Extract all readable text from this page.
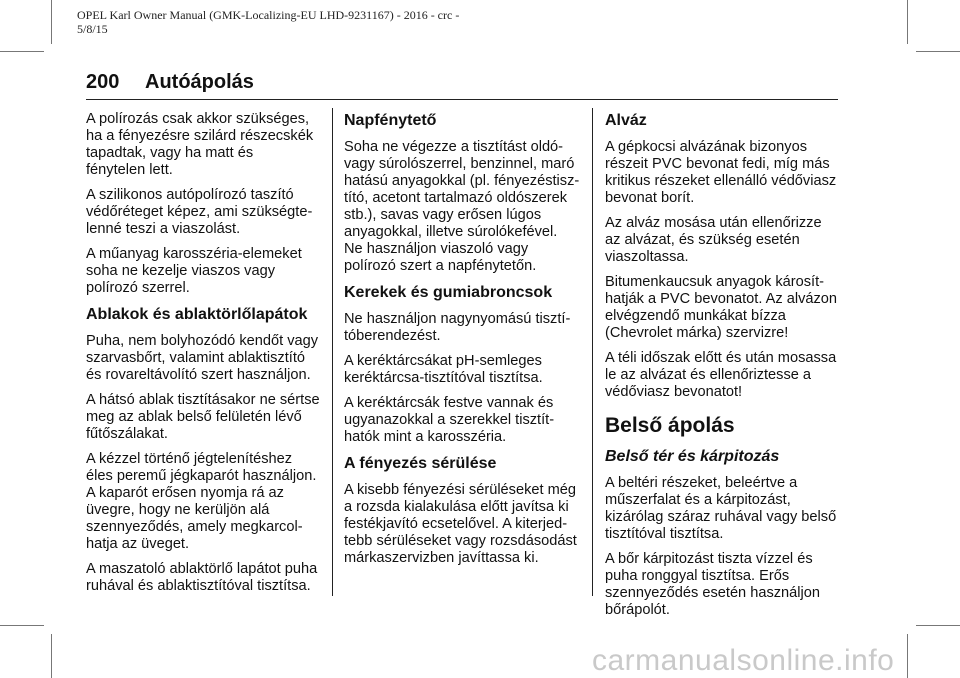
OPEL Karl Owner Manual (GMK-Localizing-EU LHD-9231167) - 2016 - crc -
5/8/15
200 Autóápolás

A polírozás csak akkor szükséges,
ha a fényezésre szilárd részecskék
tapadtak, vagy ha matt és
fénytelen lett.

A szilikonos autópolírozó taszító
védőréteget képez, ami szükségte-
lenné teszi a viaszolást.

A műanyag karosszéria-elemeket
soha ne kezelje viaszos vagy
polírozó szerrel.

Ablakok és ablaktörlőlapátok

Puha, nem bolyhozódó kendőt vagy
szarvasbőrt, valamint ablaktisztító
és rovareltávolító szert használjon.

A hátsó ablak tisztításakor ne sértse
meg az ablak belső felületén lévő
fűtőszálakat.

A kézzel történő jégtelenítéshez
éles peremű jégkaparót használjon.
A kaparót erősen nyomja rá az
üvegre, hogy ne kerüljön alá
szennyeződés, amely megkarcol-
hatja az üveget.

A maszatoló ablaktörlő lapátot puha
ruhával és ablaktisztítóval tisztítsa.

Napfénytető

Soha ne végezze a tisztítást oldó-
vagy súrolószerrel, benzinnel, maró
hatású anyagokkal (pl. fényezéstisz-
tító, acetont tartalmazó oldószerek
stb.), savas vagy erősen lúgos
anyagokkal, illetve súrolókefével.
Ne használjon viaszoló vagy
polírozó szert a napfénytetőn.

Kerekek és gumiabroncsok

Ne használjon nagynyomású tisztí-
tóberendezést.

A keréktárcsákat pH-semleges
keréktárcsa-tisztítóval tisztítsa.

A keréktárcsák festve vannak és
ugyanazokkal a szerekkel tisztít-
hatók mint a karosszéria.

A fényezés sérülése

A kisebb fényezési sérüléseket még
a rozsda kialakulása előtt javítsa ki
festékjavító ecsetelővel. A kiterjed-
tebb sérüléseket vagy rozsdásodást
márkaszervizben javíttassa ki.

Alváz

A gépkocsi alvázának bizonyos
részeit PVC bevonat fedi, míg más
kritikus részeket ellenálló védőviasz
bevonat borít.

Az alváz mosása után ellenőrizze
az alvázat, és szükség esetén
viaszoltassa.

Bitumenkaucsuk anyagok károsít-
hatják a PVC bevonatot. Az alvázon
elvégzendő munkákat bízza
(Chevrolet márka) szervizre!

A téli időszak előtt és után mosassa
le az alvázat és ellenőriztesse a
védőviasz bevonatot!

Belső ápolás
Belső tér és kárpitozás

A beltéri részeket, beleértve a
műszerfalat és a kárpitozást,
kizárólag száraz ruhával vagy belső
tisztítóval tisztítsa.

A bőr kárpitozást tiszta vízzel és
puha ronggyal tisztítsa. Erős
szennyeződés esetén használjon
bőrápolót.

carmanualsonline.info
